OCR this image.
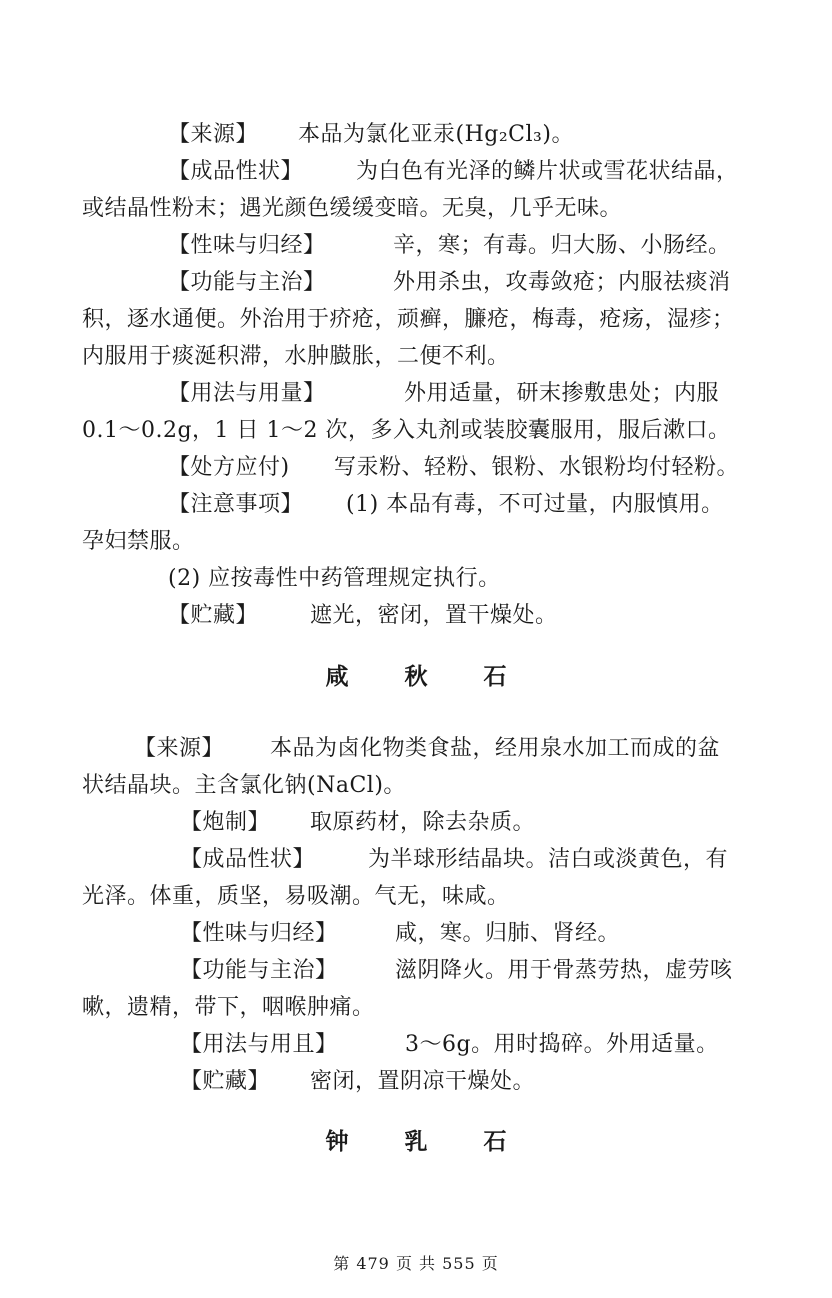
【来源】 本品为氯化亚汞(Hg₂Cl₃)。

【成品性状】 为白色有光泽的鳞片状或雪花状结晶，

或结晶性粉末；遇光颜色缓缓变暗。无臭，几乎无味。

【性味与归经】	辛，寒；有毒。归大肠、小肠经。

【功能与主治】	外用杀虫，攻毒敛疮；内服祛痰消

积，逐水通便。外治用于疥疮，顽癣，臁疮，梅毒，疮疡，湿疹；

内服用于痰涎积滞，水肿臌胀，二便不利。

【用法与用量】	外用适量，研末掺敷患处；内服

0.1～0.2g，1 日 1～2 次，多入丸剂或装胶囊服用，服后漱口。

【处方应付) 写汞粉、轻粉、银粉、水银粉均付轻粉。

【注意事项】 (1) 本品有毒，不可过量，内服慎用。

孕妇禁服。

(2) 应按毒性中药管理规定执行。

【贮藏】 遮光，密闭，置干燥处。

咸 秋 石

【来源】 本品为卤化物类食盐，经用泉水加工而成的盆

状结晶块。主含氯化钠(NaCl)。

【炮制】 取原药材，除去杂质。

【成品性状】 为半球形结晶块。洁白或淡黄色，有

光泽。体重，质坚，易吸潮。气无，味咸。

【性味与归经】	咸，寒。归肺、肾经。

【功能与主治】	滋阴降火。用于骨蒸劳热，虚劳咳

嗽，遗精，带下，咽喉肿痛。

【用法与用且】	3～6g。用时捣碎。外用适量。

【贮藏】 密闭，置阴凉干燥处。

钟 乳 石

第 479 页 共 555 页
